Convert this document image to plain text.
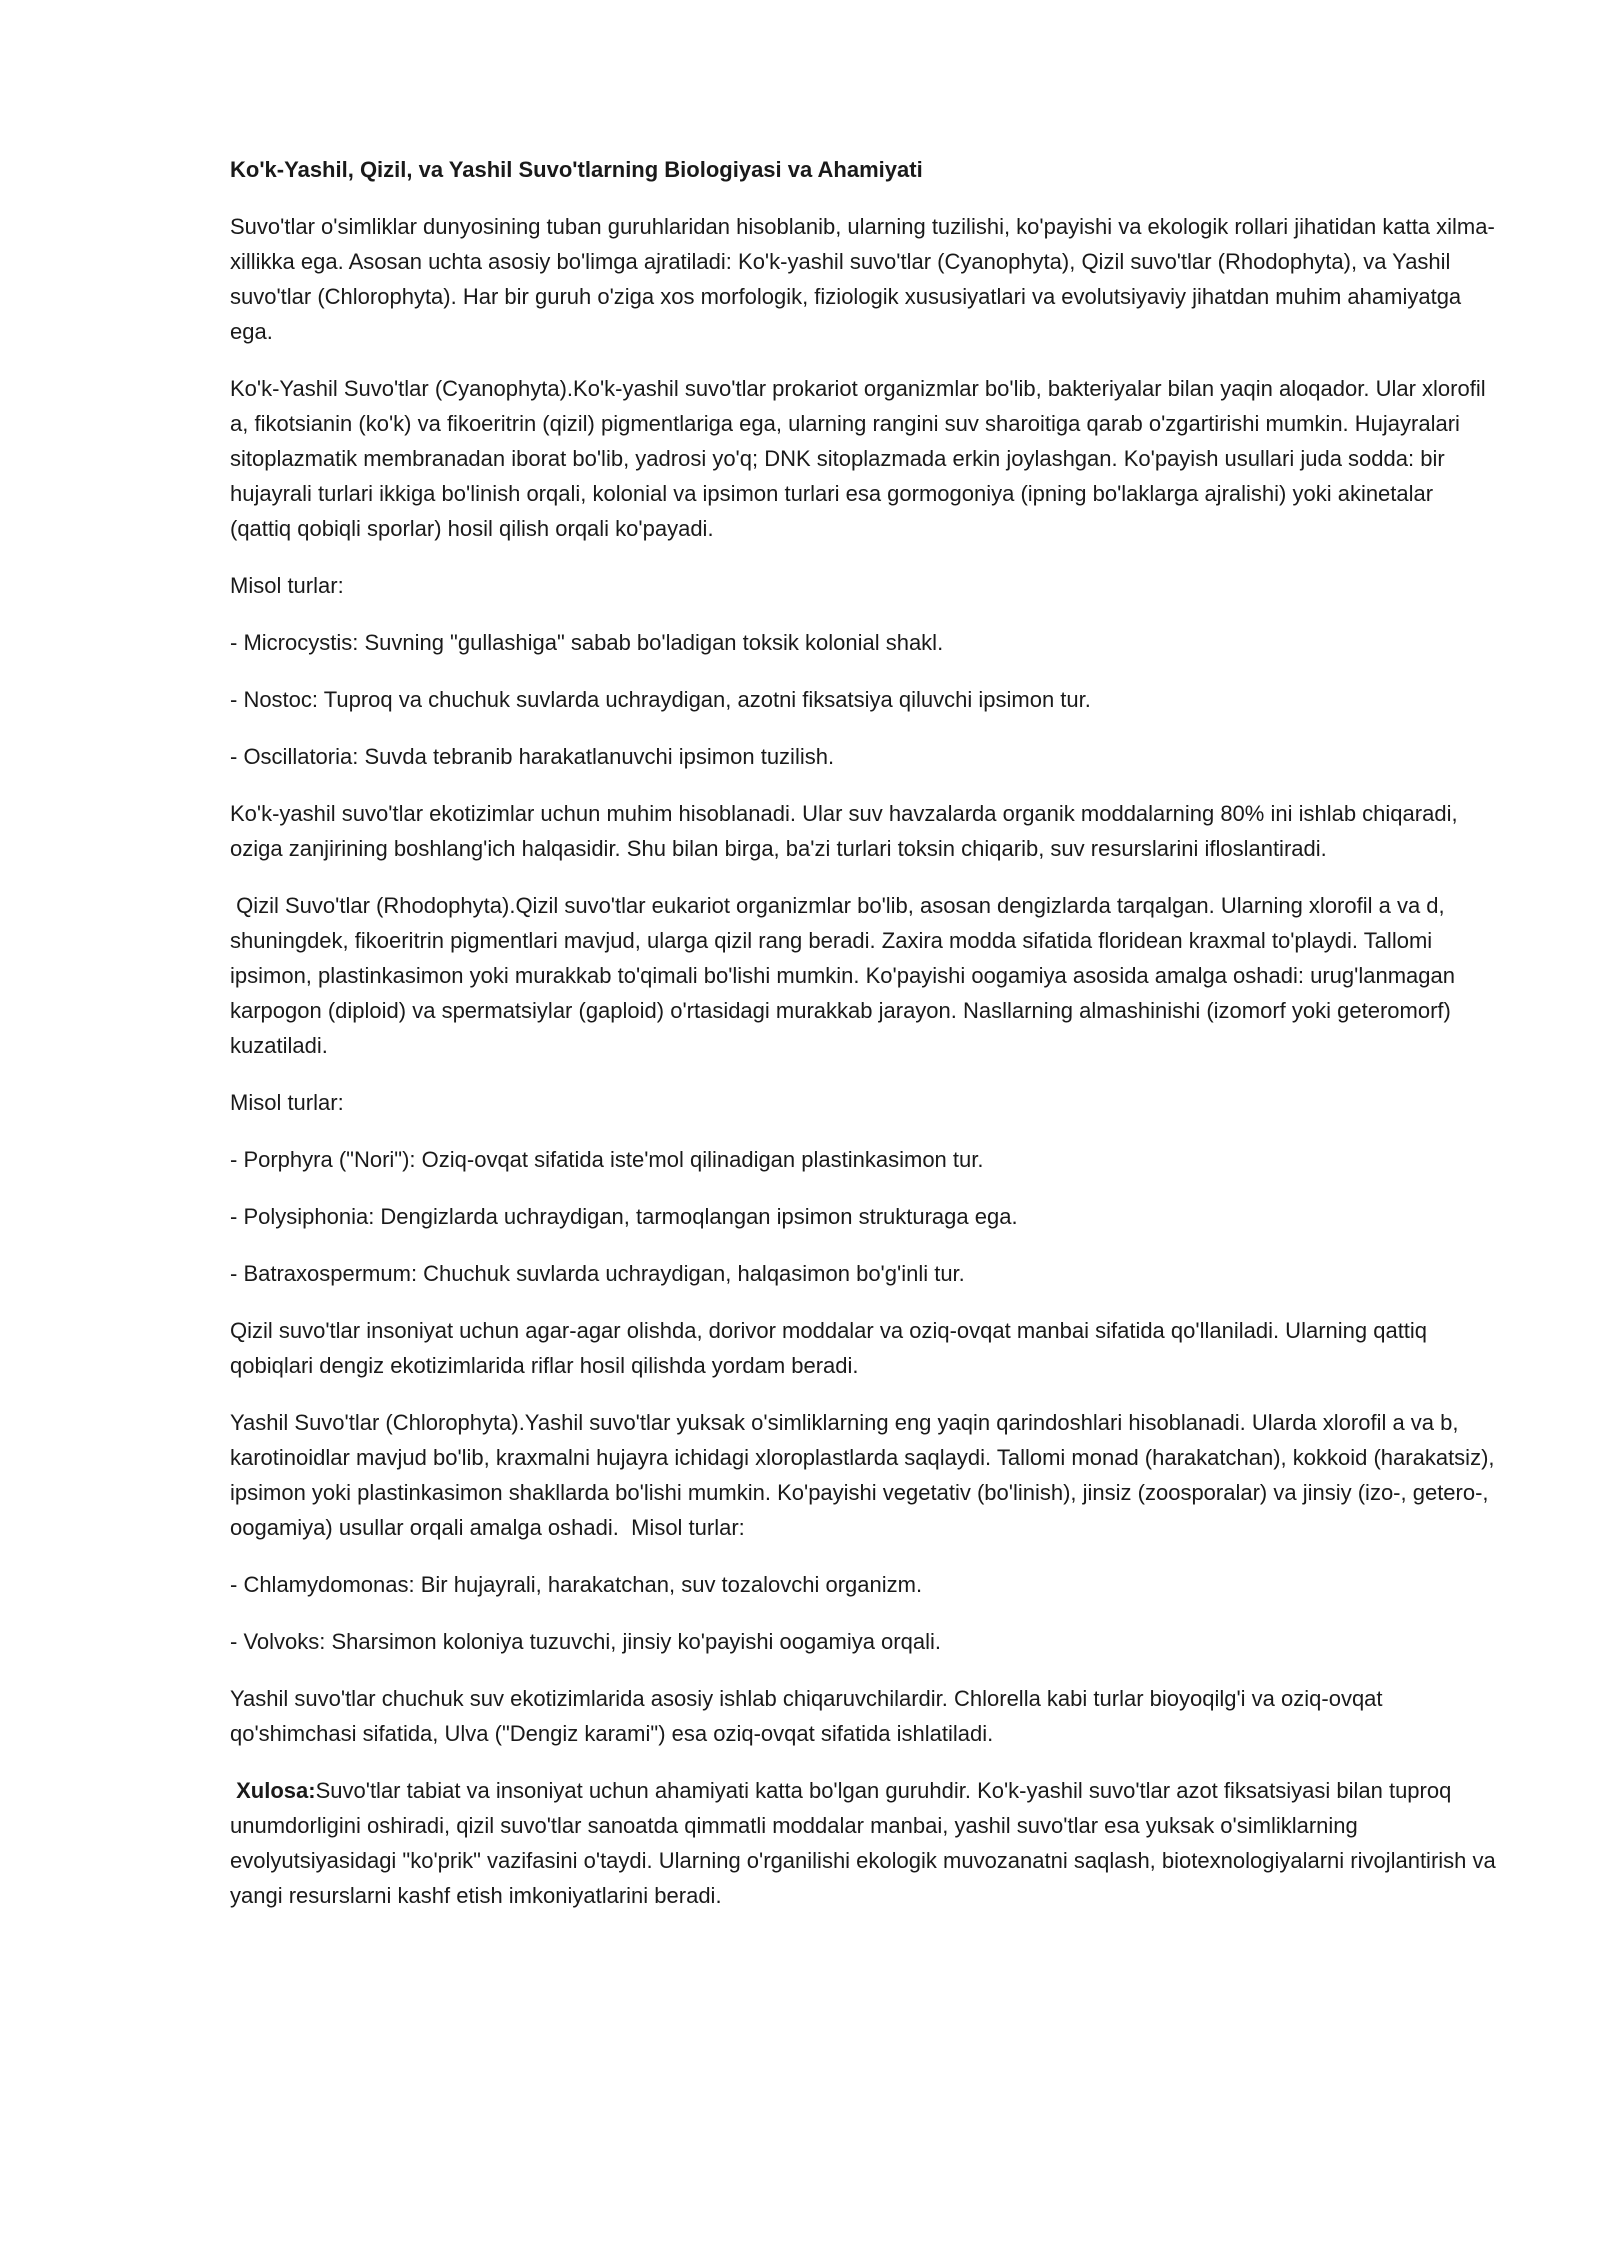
Ko'k-Yashil, Qizil, va Yashil Suvo'tlarning Biologiyasi va Ahamiyati

Suvo'tlar o'simliklar dunyosining tuban guruhlaridan hisoblanib, ularning tuzilishi, ko'payishi va ekologik rollari jihatidan katta xilma-xillikka ega. Asosan uchta asosiy bo'limga ajratiladi: Ko'k-yashil suvo'tlar (Cyanophyta), Qizil suvo'tlar (Rhodophyta), va Yashil suvo'tlar (Chlorophyta). Har bir guruh o'ziga xos morfologik, fiziologik xususiyatlari va evolutsiyaviy jihatdan muhim ahamiyatga ega.

Ko'k-Yashil Suvo'tlar (Cyanophyta).Ko'k-yashil suvo'tlar prokariot organizmlar bo'lib, bakteriyalar bilan yaqin aloqador. Ular xlorofil a, fikotsianin (ko'k) va fikoeritrin (qizil) pigmentlariga ega, ularning rangini suv sharoitiga qarab o'zgartirishi mumkin. Hujayralari sitoplazmatik membranadan iborat bo'lib, yadrosi yo'q; DNK sitoplazmada erkin joylashgan. Ko'payish usullari juda sodda: bir hujayrali turlari ikkiga bo'linish orqali, kolonial va ipsimon turlari esa gormogoniya (ipning bo'laklarga ajralishi) yoki akinetalar (qattiq qobiqli sporlar) hosil qilish orqali ko'payadi.

Misol turlar:

- Microcystis: Suvning "gullashiga" sabab bo'ladigan toksik kolonial shakl.

- Nostoc: Tuproq va chuchuk suvlarda uchraydigan, azotni fiksatsiya qiluvchi ipsimon tur.

- Oscillatoria: Suvda tebranib harakatlanuvchi ipsimon tuzilish.

Ko'k-yashil suvo'tlar ekotizimlar uchun muhim hisoblanadi. Ular suv havzalarda organik moddalarning 80% ini ishlab chiqaradi, oziga zanjirining boshlang'ich halqasidir. Shu bilan birga, ba'zi turlari toksin chiqarib, suv resurslarini ifloslantiradi.

Qizil Suvo'tlar (Rhodophyta).Qizil suvo'tlar eukariot organizmlar bo'lib, asosan dengizlarda tarqalgan. Ularning xlorofil a va d, shuningdek, fikoeritrin pigmentlari mavjud, ularga qizil rang beradi. Zaxira modda sifatida floridean kraxmal to'playdi. Tallomi ipsimon, plastinkasimon yoki murakkab to'qimali bo'lishi mumkin. Ko'payishi oogamiya asosida amalga oshadi: urug'lanmagan karpogon (diploid) va spermatsiylar (gaploid) o'rtasidagi murakkab jarayon. Nasllarning almashinishi (izomorf yoki geteromorf) kuzatiladi.

Misol turlar:

- Porphyra ("Nori"): Oziq-ovqat sifatida iste'mol qilinadigan plastinkasimon tur.

- Polysiphonia: Dengizlarda uchraydigan, tarmoqlangan ipsimon strukturaga ega.

- Batraxospermum: Chuchuk suvlarda uchraydigan, halqasimon bo'g'inli tur.

Qizil suvo'tlar insoniyat uchun agar-agar olishda, dorivor moddalar va oziq-ovqat manbai sifatida qo'llaniladi. Ularning qattiq qobiqlari dengiz ekotizimlarida riflar hosil qilishda yordam beradi.

Yashil Suvo'tlar (Chlorophyta).Yashil suvo'tlar yuksak o'simliklarning eng yaqin qarindoshlari hisoblanadi. Ularda xlorofil a va b, karotinoidlar mavjud bo'lib, kraxmalni hujayra ichidagi xloroplastlarda saqlaydi. Tallomi monad (harakatchan), kokkoid (harakatsiz), ipsimon yoki plastinkasimon shakllarda bo'lishi mumkin. Ko'payishi vegetativ (bo'linish), jinsiz (zoosporalar) va jinsiy (izo-, getero-, oogamiya) usullar orqali amalga oshadi.  Misol turlar:

- Chlamydomonas: Bir hujayrali, harakatchan, suv tozalovchi organizm.

- Volvoks: Sharsimon koloniya tuzuvchi, jinsiy ko'payishi oogamiya orqali.

Yashil suvo'tlar chuchuk suv ekotizimlarida asosiy ishlab chiqaruvchilardir. Chlorella kabi turlar bioyoqilg'i va oziq-ovqat qo'shimchasi sifatida, Ulva ("Dengiz karami") esa oziq-ovqat sifatida ishlatiladi.

Xulosa:Suvo'tlar tabiat va insoniyat uchun ahamiyati katta bo'lgan guruhdir. Ko'k-yashil suvo'tlar azot fiksatsiyasi bilan tuproq unumdorligini oshiradi, qizil suvo'tlar sanoatda qimmatli moddalar manbai, yashil suvo'tlar esa yuksak o'simliklarning evolyutsiyasidagi "ko'prik" vazifasini o'taydi. Ularning o'rganilishi ekologik muvozanatni saqlash, biotexnologiyalarni rivojlantirish va yangi resurslarni kashf etish imkoniyatlarini beradi.
